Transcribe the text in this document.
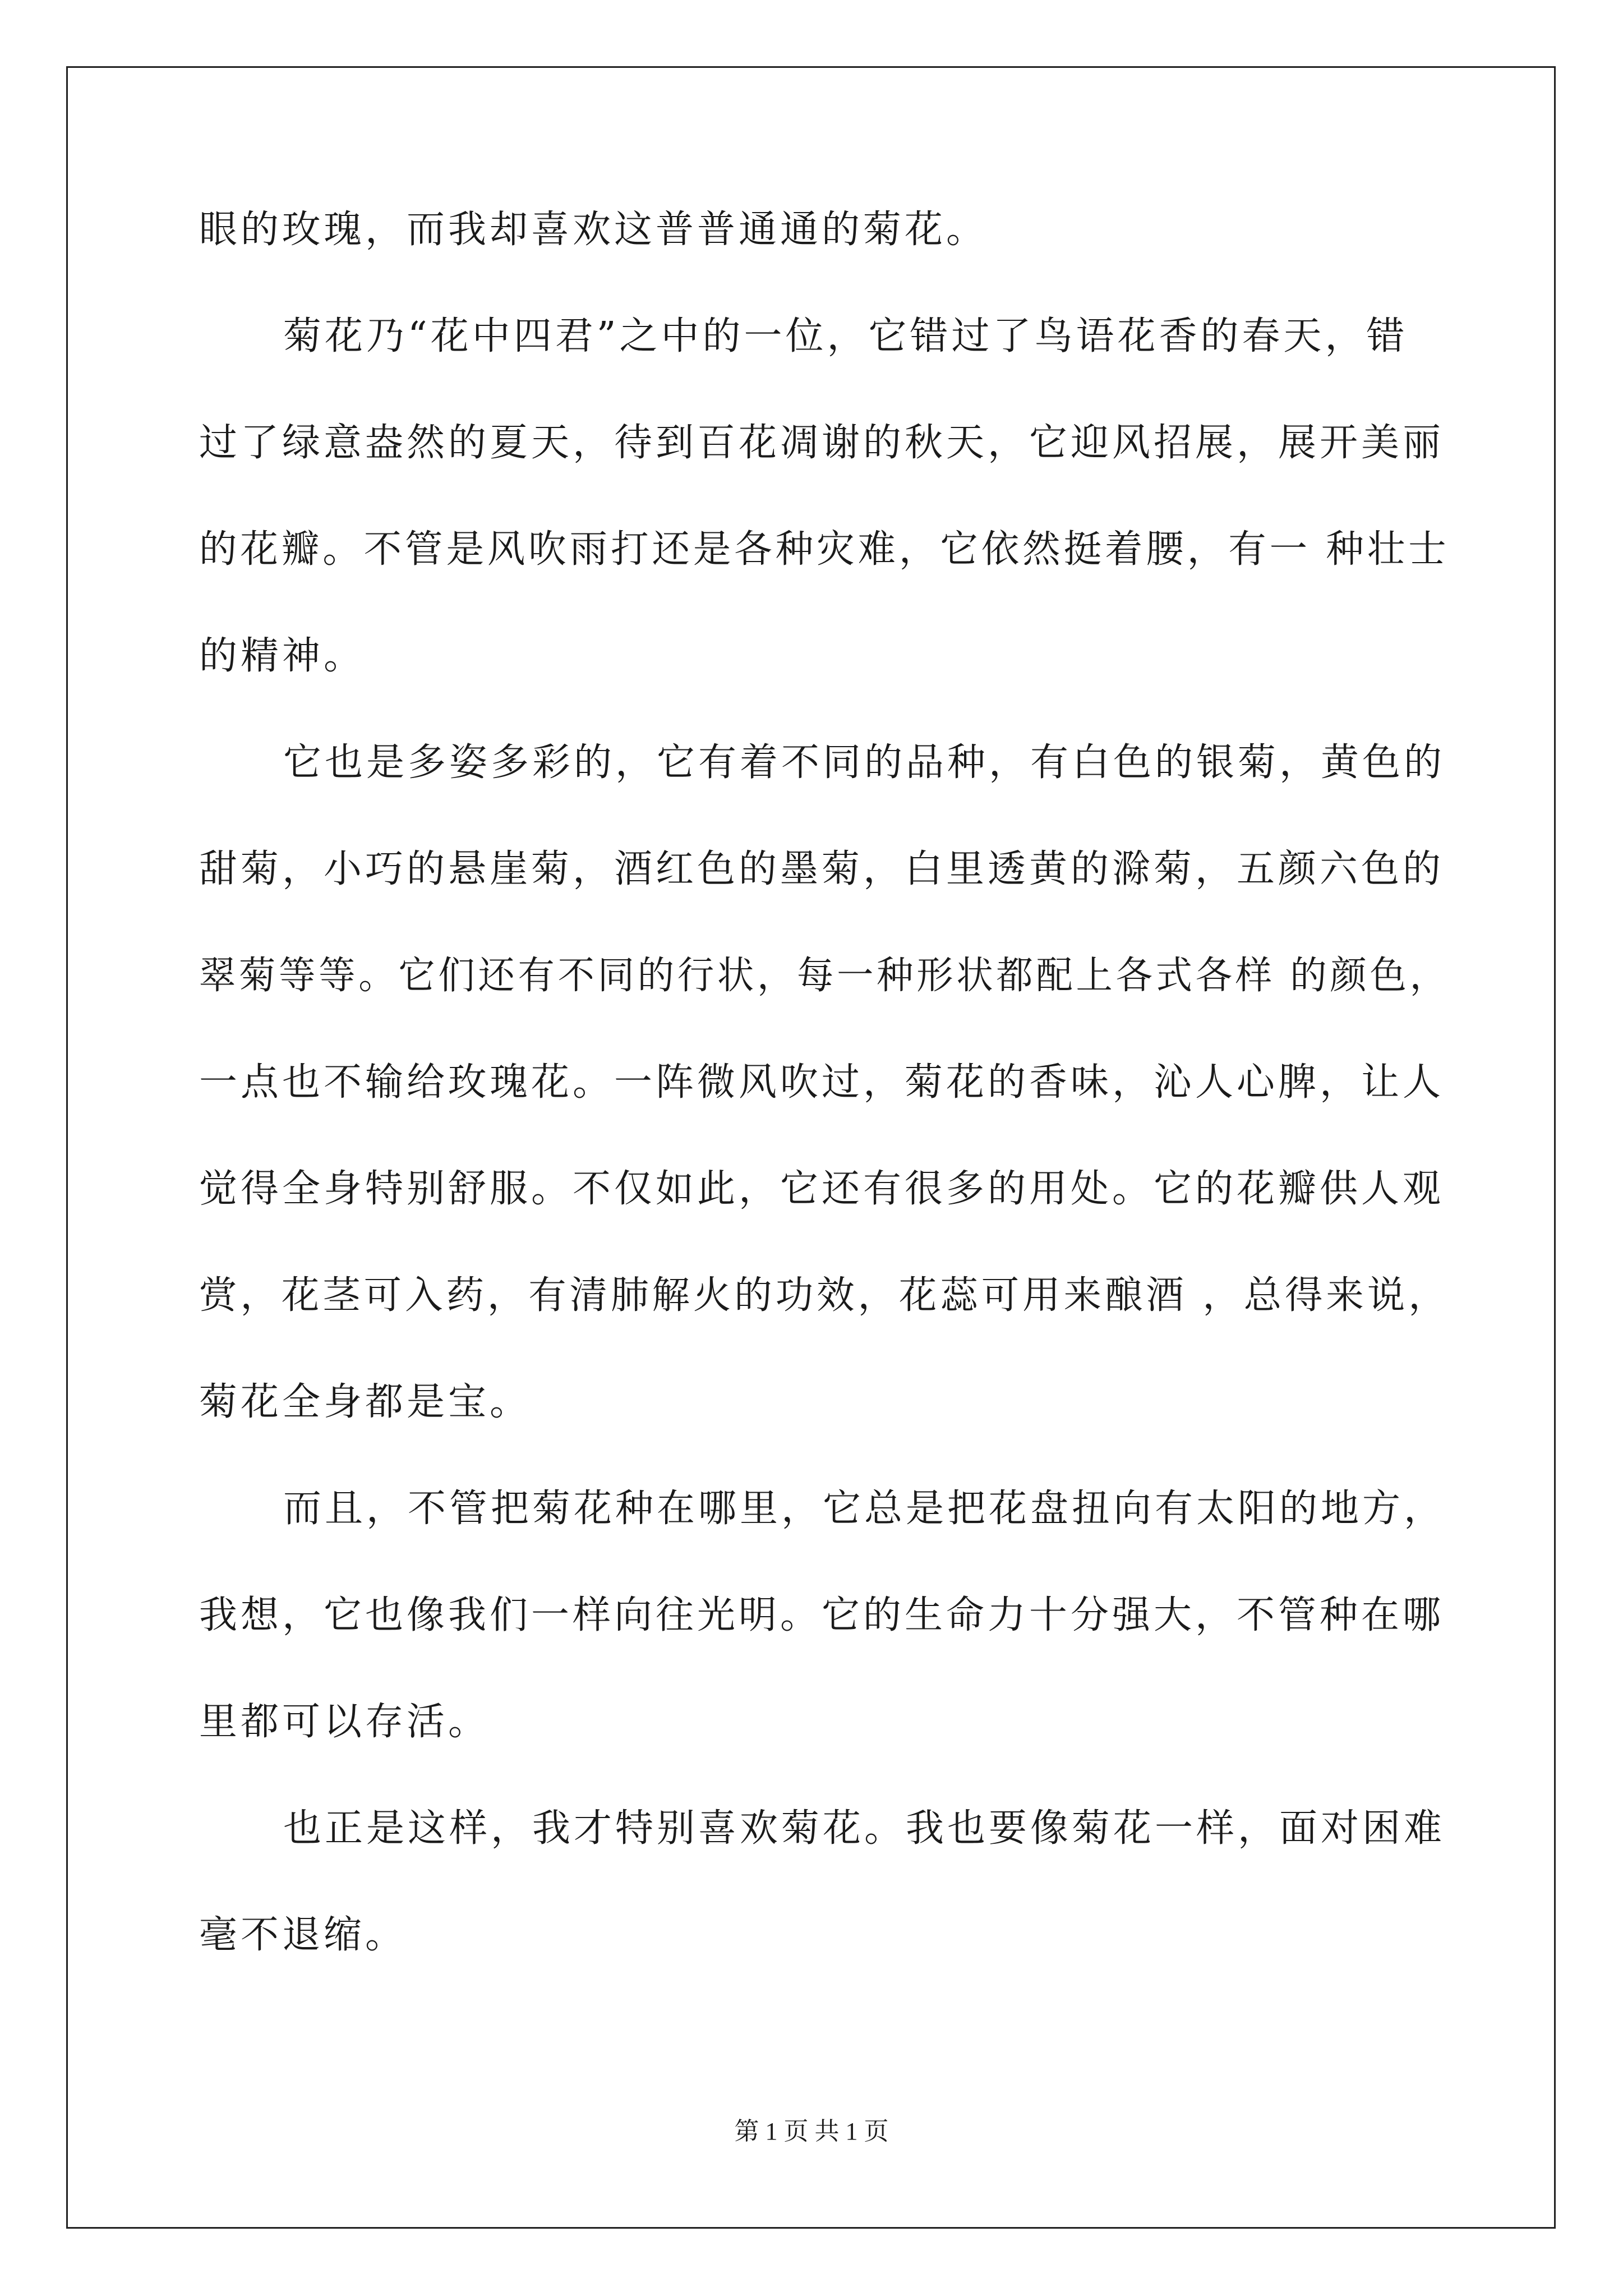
眼的玫瑰，而我却喜欢这普普通通的菊花。
菊花乃“花中四君”之中的一位，它错过了鸟语花香的春天，错
过了绿意盎然的夏天，待到百花凋谢的秋天，它迎风招展，展开美丽
的花瓣。不管是风吹雨打还是各种灾难，它依然挺着腰，有一 种壮士
的精神。
它也是多姿多彩的，它有着不同的品种，有白色的银菊，黄色的
甜菊，小巧的悬崖菊，酒红色的墨菊，白里透黄的滁菊，五颜六色的
翠菊等等。它们还有不同的行状，每一种形状都配上各式各样 的颜色，
一点也不输给玫瑰花。一阵微风吹过，菊花的香味，沁人心脾，让人
觉得全身特别舒服。不仅如此，它还有很多的用处。它的花瓣供人观
赏，花茎可入药，有清肺解火的功效，花蕊可用来酿酒 ，总得来说，
菊花全身都是宝。
而且，不管把菊花种在哪里，它总是把花盘扭向有太阳的地方，
我想，它也像我们一样向往光明。它的生命力十分强大，不管种在哪
里都可以存活。
也正是这样，我才特别喜欢菊花。我也要像菊花一样，面对困难
毫不退缩。
第 1 页 共 1 页
